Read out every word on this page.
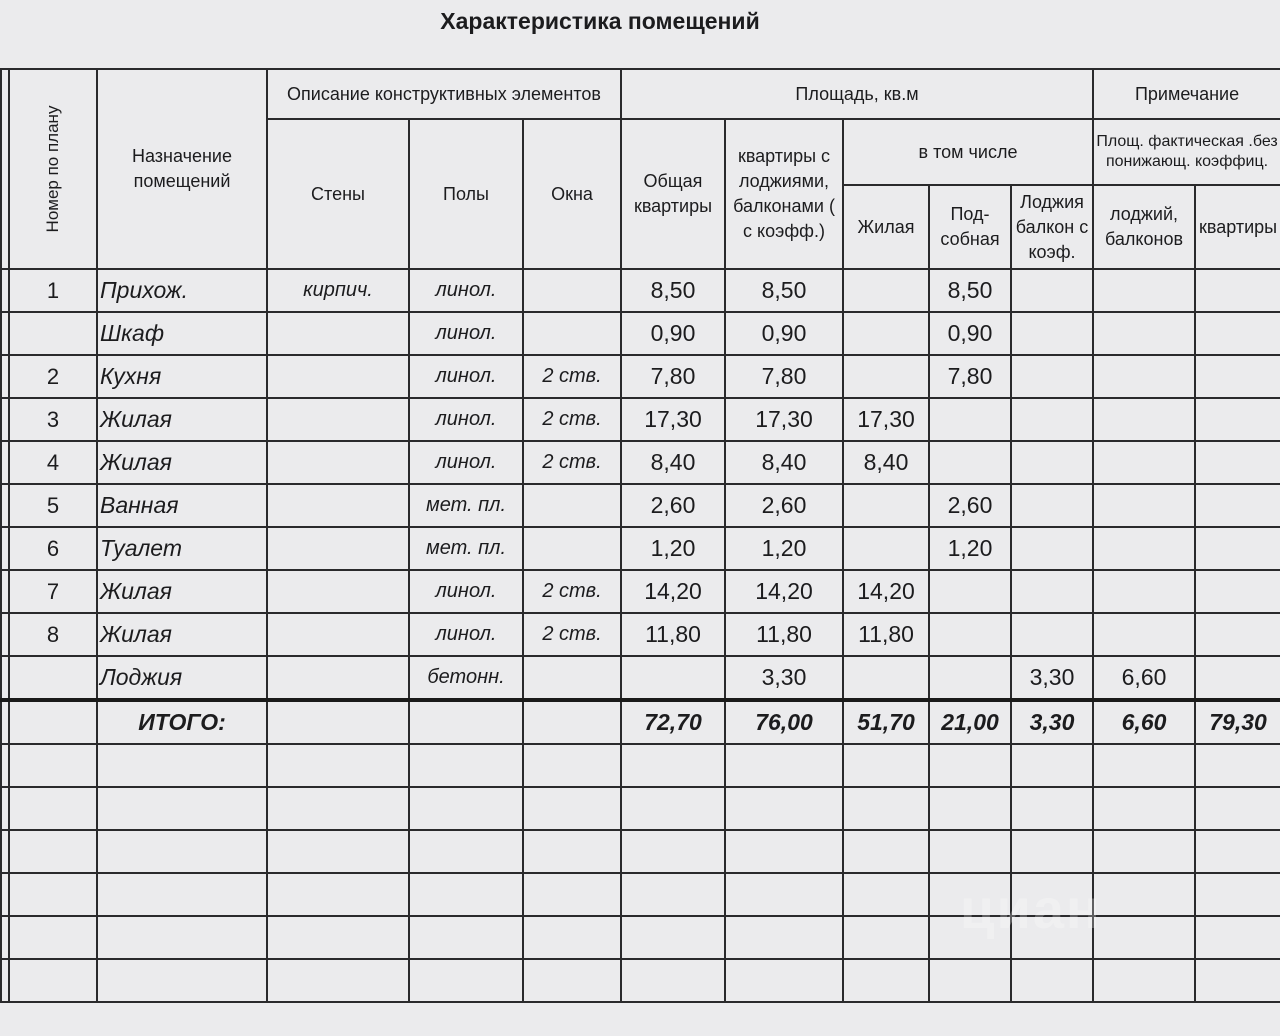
Характеристика помещений

	Номер по плану	Назначение помещений	Описание конструктивных элементов			Площадь, кв.м					Примечание	
			Стены	Полы	Окна	Общая квартиры	квартиры с лоджиями, балконами ( с коэфф.)	в том числе			Площ. фактическая .без понижающ. коэффиц.	
								Жилая	Под-собная	Лоджия балкон с коэф.	лоджий, балконов	квартиры
	1	Прихож.	кирпич.	линол.		8,50	8,50		8,50			
		Шкаф		линол.		0,90	0,90		0,90			
	2	Кухня		линол.	2 ств.	7,80	7,80		7,80			
	3	Жилая		линол.	2 ств.	17,30	17,30	17,30				
	4	Жилая		линол.	2 ств.	8,40	8,40	8,40				
	5	Ванная		мет. пл.		2,60	2,60		2,60			
	6	Туалет		мет. пл.		1,20	1,20		1,20			
	7	Жилая		линол.	2 ств.	14,20	14,20	14,20				
	8	Жилая		линол.	2 ств.	11,80	11,80	11,80				
		Лоджия		бетонн.			3,30			3,30	6,60	
		ИТОГО:				72,70	76,00	51,70	21,00	3,30	6,60	79,30

циан
